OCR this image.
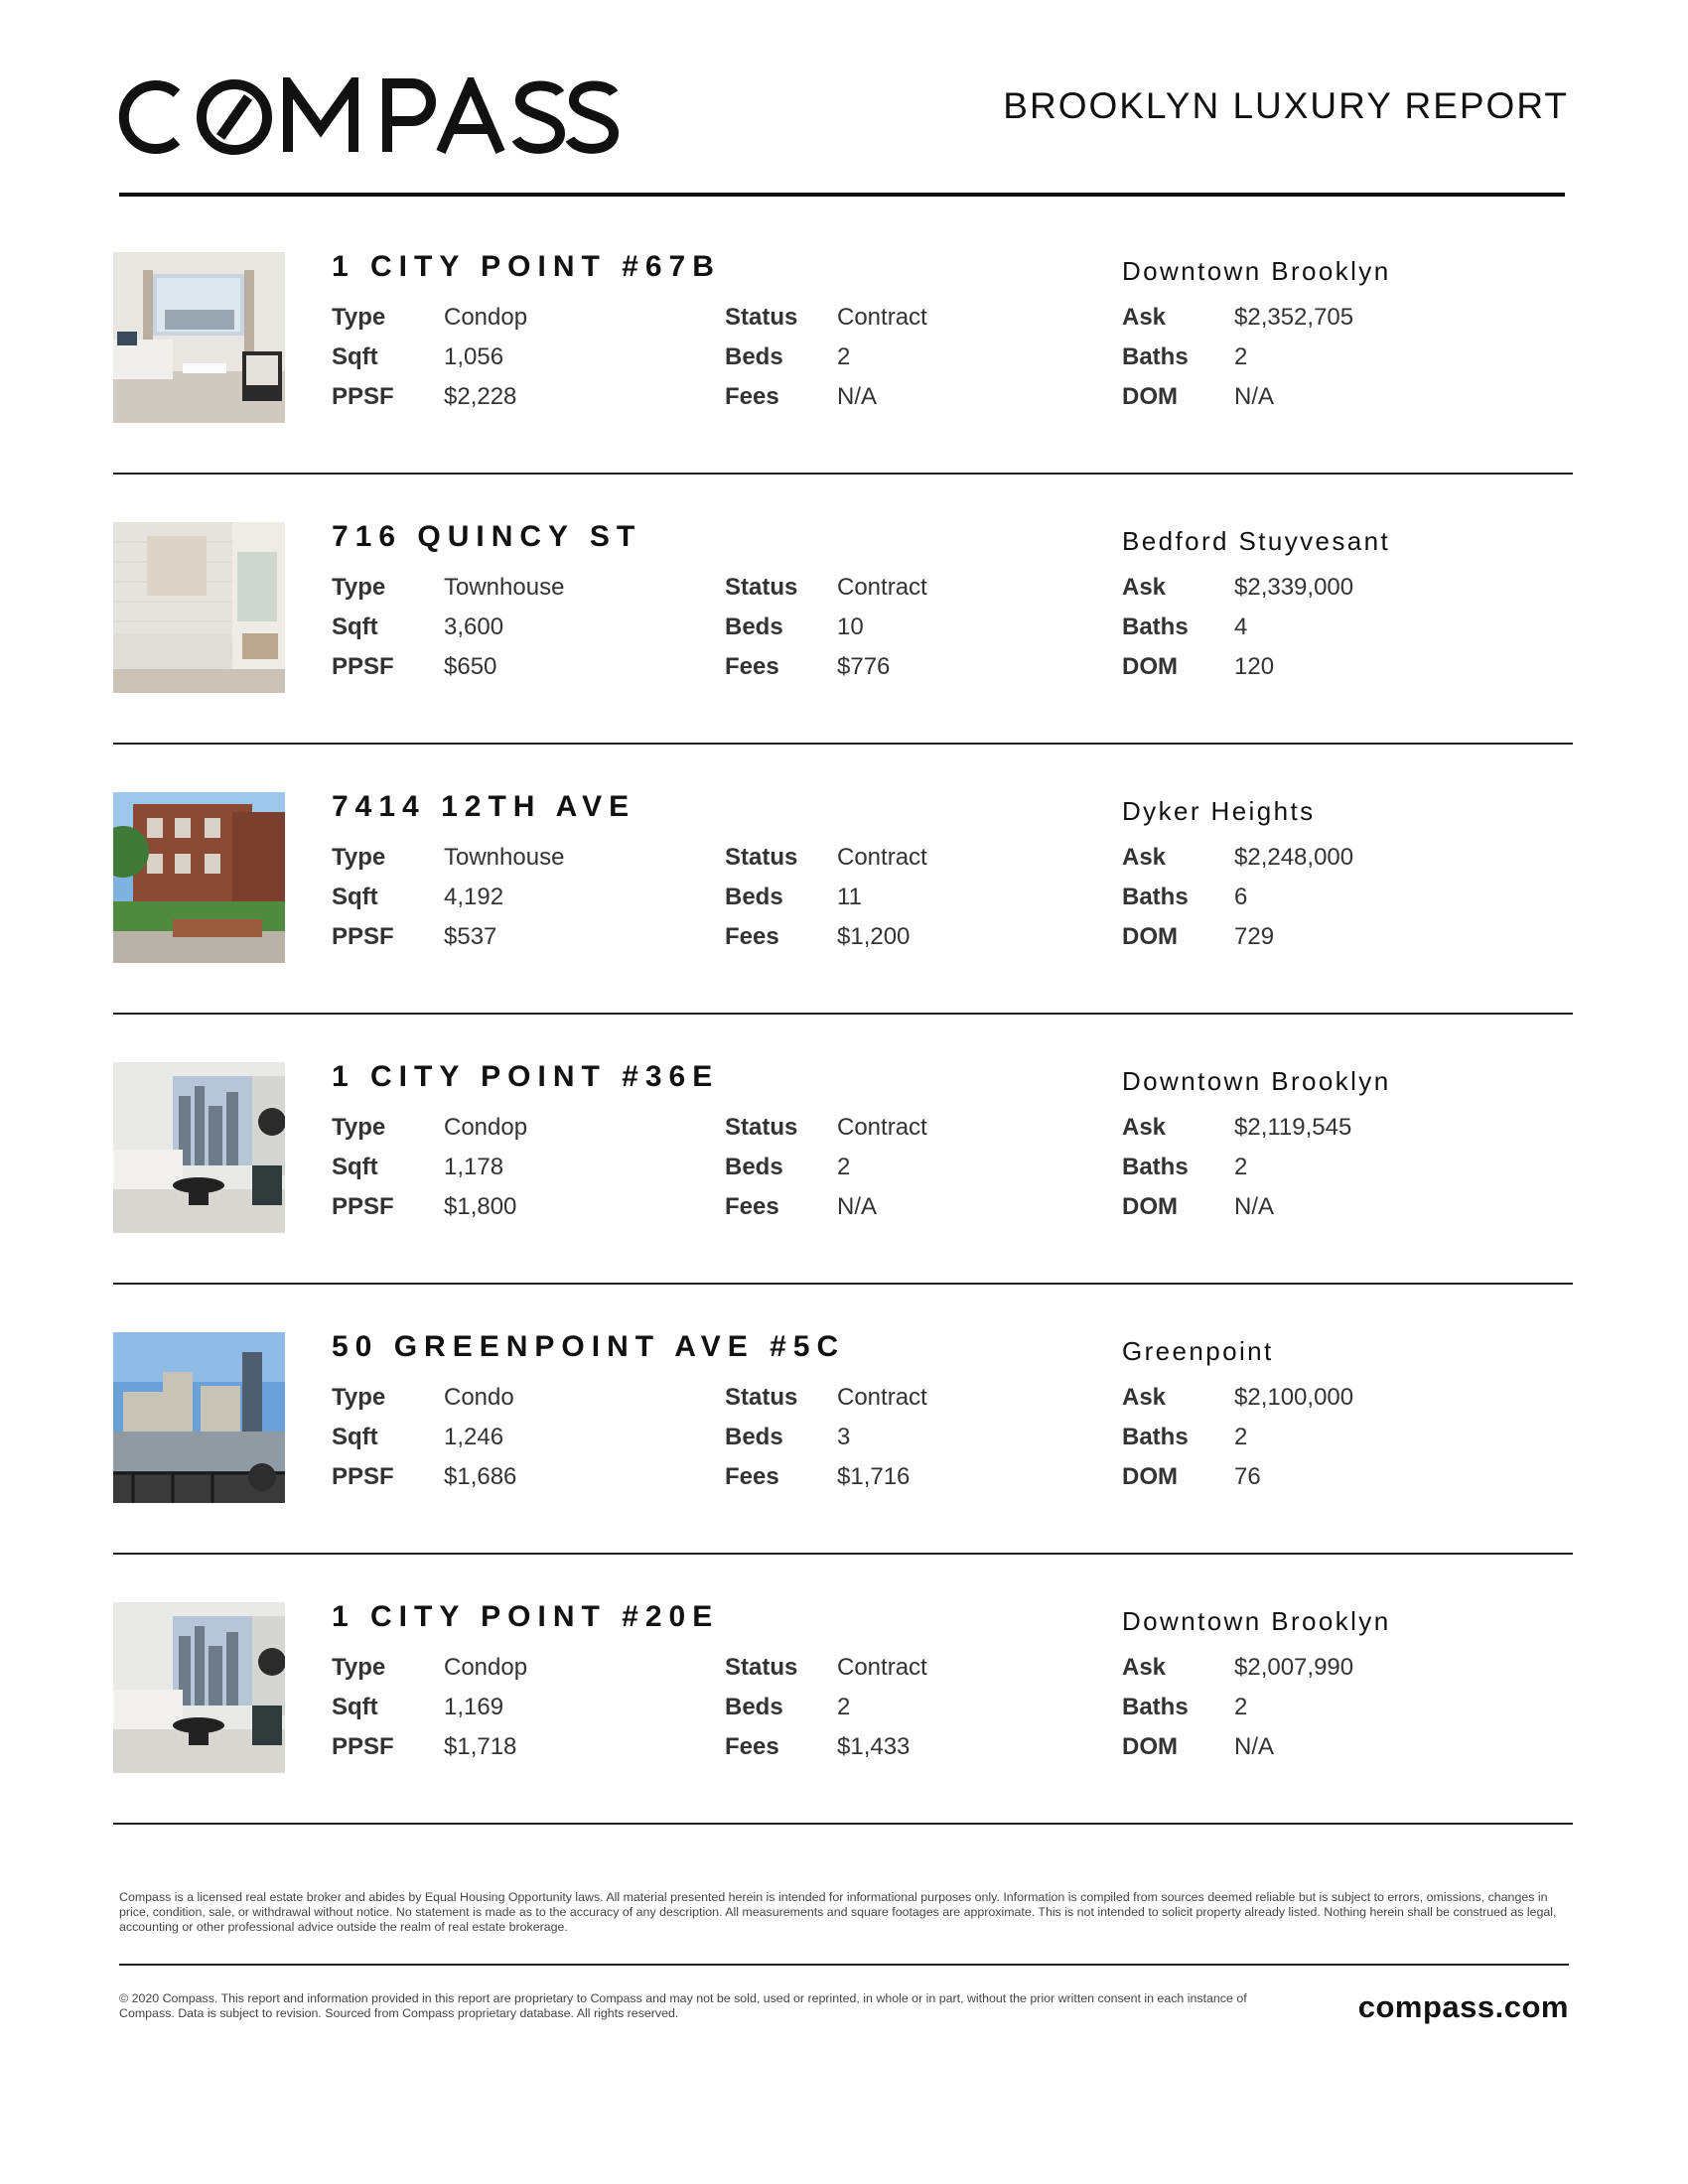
BROOKLYN LUXURY REPORT
1 CITY POINT #67B	Downtown Brooklyn
Type Condop
Sqft	1,056
PPSF $2,228
Status Contract
Beds 2
Fees N/A
Ask	$2,352,705
Baths 2
DOM N/A
716 QUINCY ST	Bedford Stuyvesant
Type Townhouse
Sqft	3,600
PPSF $650
Status Contract
Beds 10
Fees $776
Ask	$2,339,000
Baths 4
DOM 120
7414 12TH AVE	Dyker Heights
Type Townhouse
Sqft	4,192
PPSF $537
Status Contract
Beds 11
Fees $1,200
Ask	$2,248,000
Baths 6
DOM 729
1 CITY POINT #36E	Downtown Brooklyn
Type Condop
Sqft	1,178
PPSF $1,800
Status Contract
Beds 2
Fees N/A
Ask	$2,119,545
Baths 2
DOM N/A
50 GREENPOINT AVE #5C	Greenpoint
Type Condo
Sqft	1,246
PPSF $1,686
Status Contract
Beds 3
Fees $1,716
Ask	$2,100,000
Baths 2
DOM 76
1 CITY POINT #20E	Downtown Brooklyn
Type Condop
Sqft	1,169
PPSF $1,718
Status Contract
Beds 2
Fees $1,433
Ask	$2,007,990
Baths 2
DOM N/A
Compass is a licensed real estate broker and abides by Equal Housing Opportunity laws. All material presented herein is intended for informational purposes only. Information is compiled from sources deemed reliable but is subject to errors, omissions, changes in price, condition, sale, or withdrawal without notice. No statement is made as to the accuracy of any description. All measurements and square footages are approximate. This is not intended to solicit property already listed. Nothing herein shall be construed as legal, accounting or other professional advice outside the realm of real estate brokerage.
© 2020 Compass. This report and information provided in this report are proprietary to Compass and may not be sold, used or reprinted, in whole or in part, without the prior written consent in each instance of Compass. Data is subject to revision. Sourced from Compass proprietary database. All rights reserved.	compass.com
